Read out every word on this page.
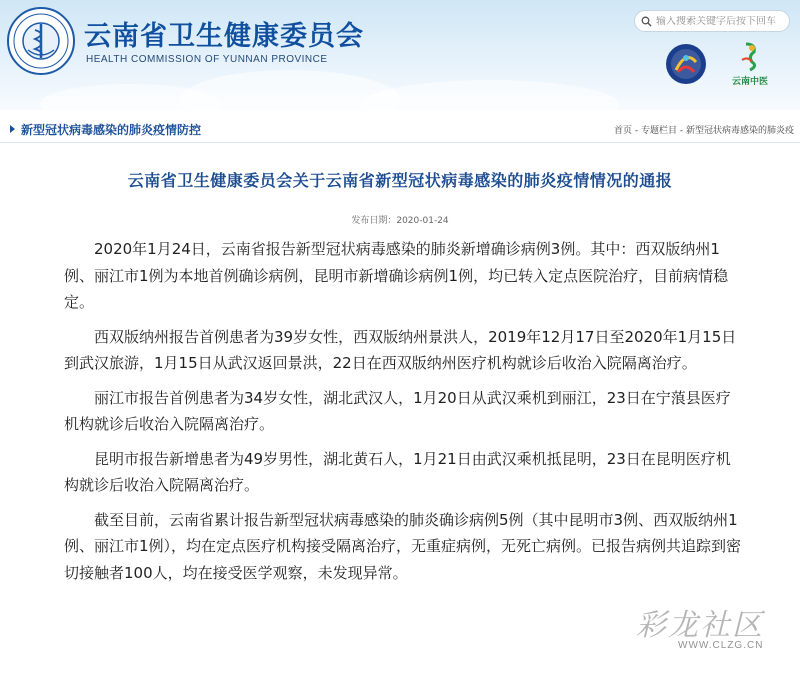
云南省卫生健康委员会
HEALTH COMMISSION OF YUNNAN PROVINCE
输入搜索关键字后按下回车
云南中医
新型冠状病毒感染的肺炎疫情防控	首页 - 专题栏目 - 新型冠状病毒感染的肺炎疫
云南省卫生健康委员会关于云南省新型冠状病毒感染的肺炎疫情情况的通报
发布日期：2020-01-24

2020年1月24日，云南省报告新型冠状病毒感染的肺炎新增确诊病例3例。其中：西双版纳州1例、丽江市1例为本地首例确诊病例，昆明市新增确诊病例1例，均已转入定点医院治疗，目前病情稳定。

西双版纳州报告首例患者为39岁女性，西双版纳州景洪人，2019年12月17日至2020年1月15日到武汉旅游，1月15日从武汉返回景洪，22日在西双版纳州医疗机构就诊后收治入院隔离治疗。

丽江市报告首例患者为34岁女性，湖北武汉人，1月20日从武汉乘机到丽江，23日在宁蒗县医疗机构就诊后收治入院隔离治疗。

昆明市报告新增患者为49岁男性，湖北黄石人，1月21日由武汉乘机抵昆明，23日在昆明医疗机构就诊后收治入院隔离治疗。

截至目前，云南省累计报告新型冠状病毒感染的肺炎确诊病例5例（其中昆明市3例、西双版纳州1例、丽江市1例），均在定点医疗机构接受隔离治疗，无重症病例，无死亡病例。已报告病例共追踪到密切接触者100人，均在接受医学观察，未发现异常。

彩龙社区
WWW.CLZG.CN
